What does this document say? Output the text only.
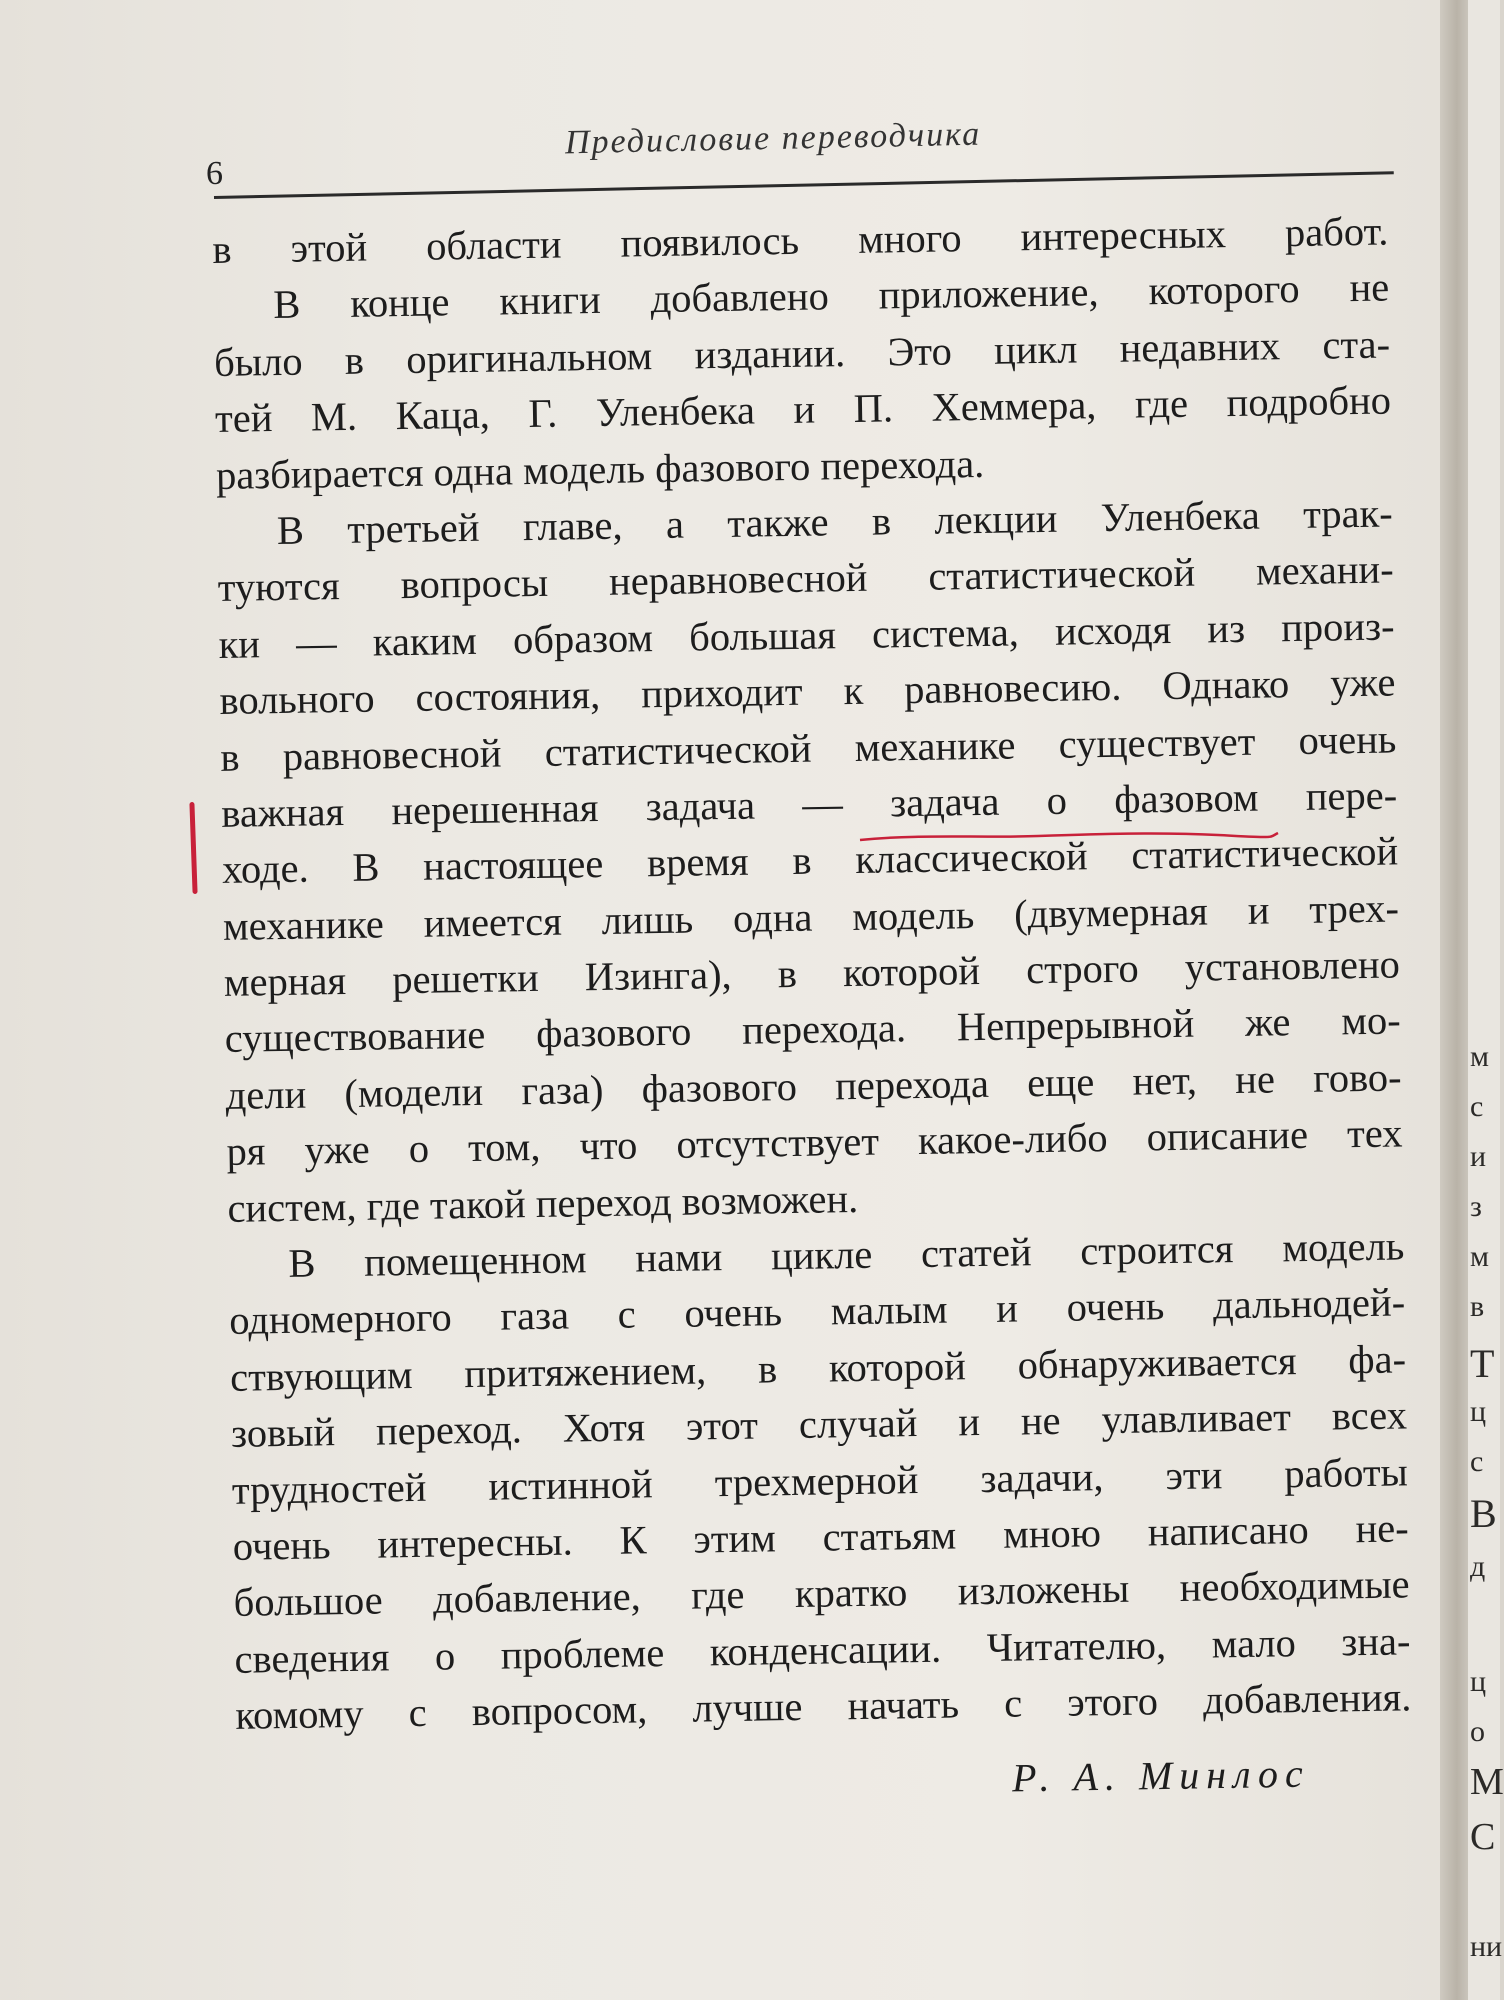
6
Предисловие переводчика
в этой области появилось много интересных работ.
В конце книги добавлено приложение, которого не
было в оригинальном издании. Это цикл недавних ста-
тей М. Каца, Г. Уленбека и П. Хеммера, где подробно
разбирается одна модель фазового перехода.
В третьей главе, а также в лекции Уленбека трак-
туются вопросы неравновесной статистической механи-
ки — каким образом большая система, исходя из произ-
вольного состояния, приходит к равновесию. Однако уже
в равновесной статистической механике существует очень
важная нерешенная задача — задача о фазовом пере-
ходе. В настоящее время в классической статистической
механике имеется лишь одна модель (двумерная и трех-
мерная решетки Изинга), в которой строго установлено
существование фазового перехода. Непрерывной же мо-
дели (модели газа) фазового перехода еще нет, не гово-
ря уже о том, что отсутствует какое-либо описание тех
систем, где такой переход возможен.
В помещенном нами цикле статей строится модель
одномерного газа с очень малым и очень дальнодей-
ствующим притяжением, в которой обнаруживается фа-
зовый переход. Хотя этот случай и не улавливает всех
трудностей истинной трехмерной задачи, эти работы
очень интересны. К этим статьям мною написано не-
большое добавление, где кратко изложены необходимые
сведения о проблеме конденсации. Читателю, мало зна-
комому с вопросом, лучше начать с этого добавления.
Р. А. Минлос
м
с
и
з
м
в
Т
ц
с
В
д
ц
о
М
С
ни
